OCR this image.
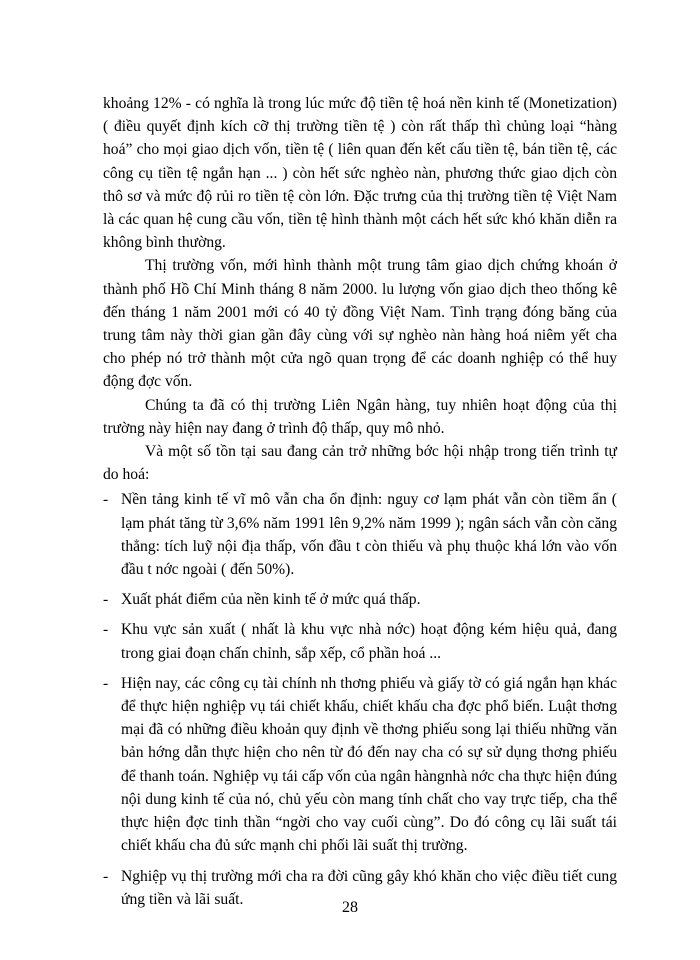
khoảng 12% - có nghĩa là trong lúc mức độ tiền tệ hoá nền kinh tế (Monetization) ( điều quyết định kích cỡ thị trường tiền tệ ) còn rất thấp thì chủng loại “hàng hoá” cho mọi giao dịch vốn, tiền tệ ( liên quan đến kết cấu tiền tệ, bán tiền tệ, các công cụ tiền tệ ngắn hạn ... ) còn hết sức nghèo nàn, phương thức giao dịch còn thô sơ và mức độ rủi ro tiền tệ còn lớn. Đặc trưng của thị trường tiền tệ Việt Nam là các quan hệ cung cầu vốn, tiền tệ hình thành một cách hết sức khó khăn diễn ra không bình thường.

Thị trường vốn, mới hình thành một trung tâm giao dịch chứng khoán ở thành phố Hồ Chí Minh tháng 8 năm 2000. lu lượng vốn giao dịch theo thống kê đến tháng 1 năm 2001 mới có 40 tỷ đồng Việt Nam. Tình trạng đóng băng của trung tâm này thời gian gần đây cùng với sự nghèo nàn hàng hoá niêm yết cha cho phép nó trở thành một cửa ngõ quan trọng để các doanh nghiệp có thể huy động đợc vốn.

Chúng ta đã có thị trường Liên Ngân hàng, tuy nhiên hoạt động của thị trường này hiện nay đang ở trình độ thấp, quy mô nhỏ.

Và một số tồn tại sau đang cản trở những bớc hội nhập trong tiến trình tự do hoá:

- Nền tảng kinh tế vĩ mô vẫn cha ổn định: nguy cơ lạm phát vẫn còn tiềm ẩn ( lạm phát tăng từ 3,6% năm 1991 lên 9,2% năm 1999 ); ngân sách vẫn còn căng thẳng: tích luỹ nội địa thấp, vốn đầu t còn thiếu và phụ thuộc khá lớn vào vốn đầu t nớc ngoài ( đến 50%).
- Xuất phát điểm của nền kinh tế ở mức quá thấp.
- Khu vực sản xuất ( nhất là khu vực nhà nớc) hoạt động kém hiệu quả, đang trong giai đoạn chấn chỉnh, sắp xếp, cổ phần hoá ...
- Hiện nay, các công cụ tài chính nh thơng phiếu và giấy tờ có giá ngắn hạn khác để thực hiện nghiệp vụ tái chiết khấu, chiết khấu cha đợc phổ biến. Luật thơng mại đã có những điều khoản quy định về thơng phiếu song lại thiếu những văn bản hớng dẫn thực hiện cho nên từ đó đến nay cha có sự sử dụng thơng phiếu để thanh toán. Nghiệp vụ tái cấp vốn của ngân hàngnhà nớc cha thực hiện đúng nội dung kinh tế của nó, chủ yếu còn mang tính chất cho vay trực tiếp, cha thể thực hiện đợc tinh thần “ngời cho vay cuối cùng”. Do đó công cụ lãi suất tái chiết khấu cha đủ sức mạnh chi phối lãi suất thị trường.
- Nghiệp vụ thị trường mới cha ra đời cũng gây khó khăn cho việc điều tiết cung ứng tiền và lãi suất.	28
